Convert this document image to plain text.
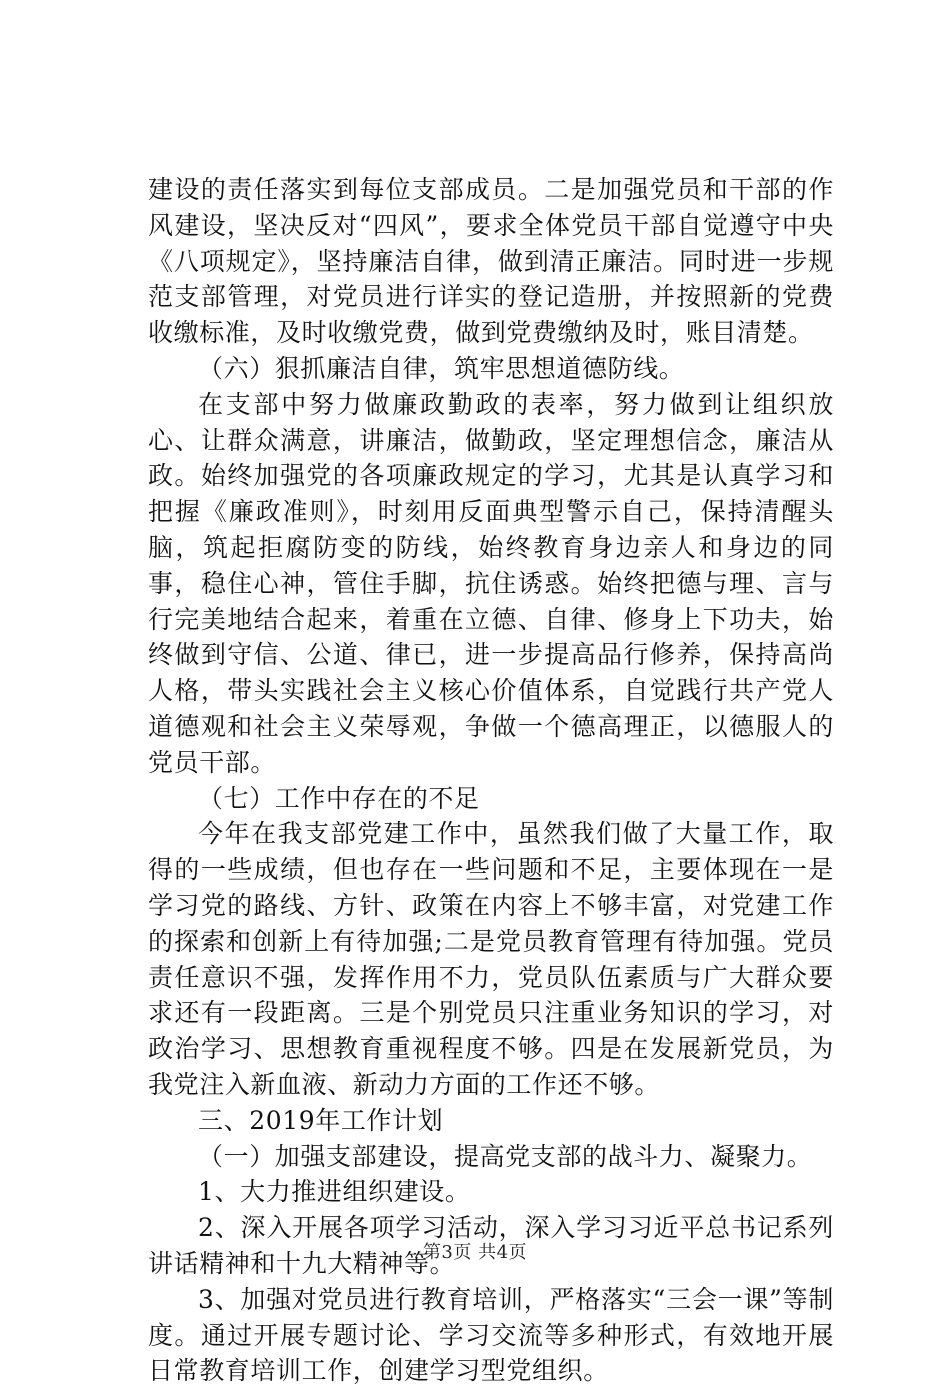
建设的责任落实到每位支部成员。二是加强党员和干部的作风建设，坚决反对“四风”，要求全体党员干部自觉遵守中央《八项规定》，坚持廉洁自律，做到清正廉洁。同时进一步规范支部管理，对党员进行详实的登记造册，并按照新的党费收缴标准，及时收缴党费，做到党费缴纳及时，账目清楚。

（六）狠抓廉洁自律，筑牢思想道德防线。

在支部中努力做廉政勤政的表率，努力做到让组织放心、让群众满意，讲廉洁，做勤政，坚定理想信念，廉洁从政。始终加强党的各项廉政规定的学习，尤其是认真学习和把握《廉政准则》，时刻用反面典型警示自己，保持清醒头脑，筑起拒腐防变的防线，始终教育身边亲人和身边的同事，稳住心神，管住手脚，抗住诱惑。始终把德与理、言与行完美地结合起来，着重在立德、自律、修身上下功夫，始终做到守信、公道、律已，进一步提高品行修养，保持高尚人格，带头实践社会主义核心价值体系，自觉践行共产党人道德观和社会主义荣辱观，争做一个德高理正，以德服人的党员干部。

（七）工作中存在的不足

今年在我支部党建工作中，虽然我们做了大量工作，取得的一些成绩，但也存在一些问题和不足，主要体现在一是学习党的路线、方针、政策在内容上不够丰富，对党建工作的探索和创新上有待加强;二是党员教育管理有待加强。党员责任意识不强，发挥作用不力，党员队伍素质与广大群众要求还有一段距离。三是个别党员只注重业务知识的学习，对政治学习、思想教育重视程度不够。四是在发展新党员，为我党注入新血液、新动力方面的工作还不够。

三、2019年工作计划

（一）加强支部建设，提高党支部的战斗力、凝聚力。

1、大力推进组织建设。

2、深入开展各项学习活动，深入学习习近平总书记系列讲话精神和十九大精神等。

3、加强对党员进行教育培训，严格落实“三会一课”等制度。通过开展专题讨论、学习交流等多种形式，有效地开展日常教育培训工作，创建学习型党组织。

第3页 共4页
